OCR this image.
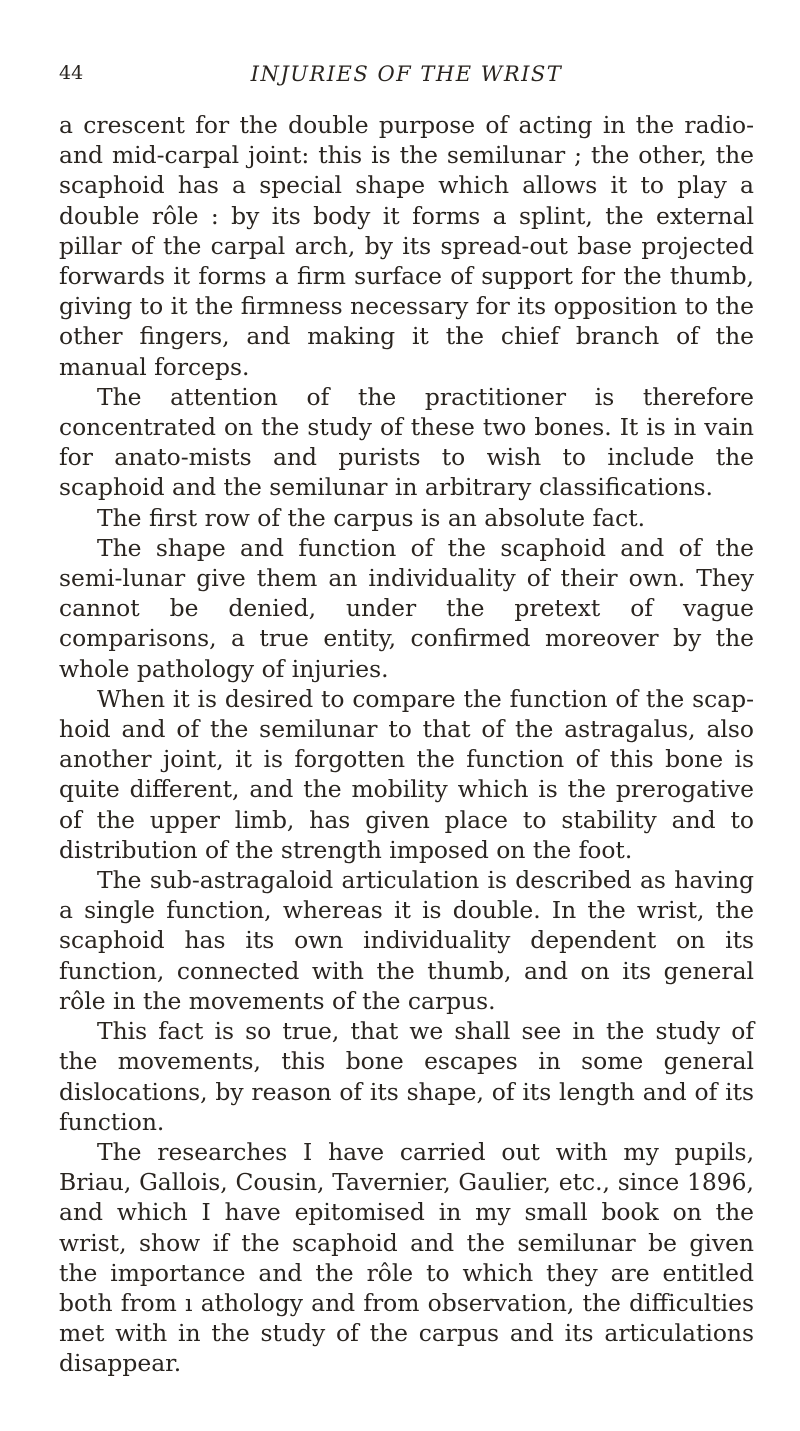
44	INJURIES OF THE WRIST

a crescent for the double purpose of acting in the radio- and mid-carpal joint: this is the semilunar ; the other, the scaphoid has a special shape which allows it to play a double rôle : by its body it forms a splint, the external pillar of the carpal arch, by its spread-out base projected forwards it forms a firm surface of support for the thumb, giving to it the firmness necessary for its opposition to the other fingers, and making it the chief branch of the manual forceps.

The attention of the practitioner is therefore concentrated on the study of these two bones. It is in vain for anato-mists and purists to wish to include the scaphoid and the semilunar in arbitrary classifications.

The first row of the carpus is an absolute fact.

The shape and function of the scaphoid and of the semi-lunar give them an individuality of their own. They cannot be denied, under the pretext of vague comparisons, a true entity, confirmed moreover by the whole pathology of injuries.

When it is desired to compare the function of the scap-hoid and of the semilunar to that of the astragalus, also another joint, it is forgotten the function of this bone is quite different, and the mobility which is the prerogative of the upper limb, has given place to stability and to distribution of the strength imposed on the foot.

The sub-astragaloid articulation is described as having a single function, whereas it is double. In the wrist, the scaphoid has its own individuality dependent on its function, connected with the thumb, and on its general rôle in the movements of the carpus.

This fact is so true, that we shall see in the study of the movements, this bone escapes in some general dislocations, by reason of its shape, of its length and of its function.

The researches I have carried out with my pupils, Briau, Gallois, Cousin, Tavernier, Gaulier, etc., since 1896, and which I have epitomised in my small book on the wrist, show if the scaphoid and the semilunar be given the importance and the rôle to which they are entitled both from ı athology and from observation, the difficulties met with in the study of the carpus and its articulations disappear.
